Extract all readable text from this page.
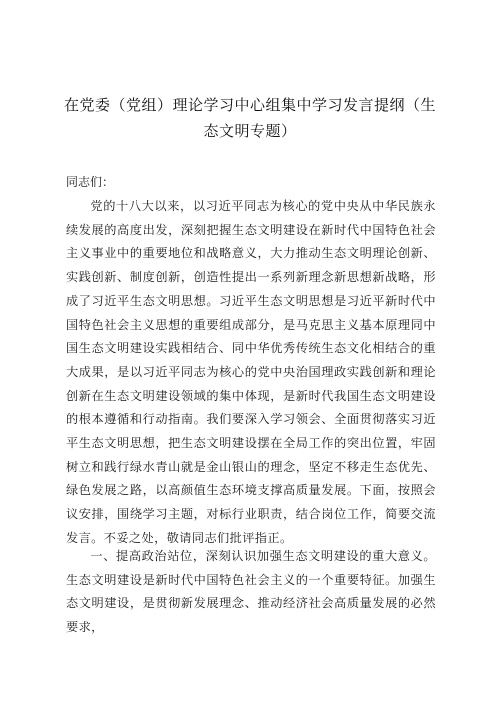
在党委（党组）理论学习中心组集中学习发言提纲（生态文明专题）
同志们：

党的十八大以来，以习近平同志为核心的党中央从中华民族永续发展的高度出发，深刻把握生态文明建设在新时代中国特色社会主义事业中的重要地位和战略意义，大力推动生态文明理论创新、实践创新、制度创新，创造性提出一系列新理念新思想新战略，形成了习近平生态文明思想。习近平生态文明思想是习近平新时代中国特色社会主义思想的重要组成部分，是马克思主义基本原理同中国生态文明建设实践相结合、同中华优秀传统生态文化相结合的重大成果，是以习近平同志为核心的党中央治国理政实践创新和理论创新在生态文明建设领域的集中体现，是新时代我国生态文明建设的根本遵循和行动指南。我们要深入学习领会、全面贯彻落实习近平生态文明思想，把生态文明建设摆在全局工作的突出位置，牢固树立和践行绿水青山就是金山银山的理念，坚定不移走生态优先、绿色发展之路，以高颜值生态环境支撑高质量发展。下面，按照会议安排，围绕学习主题，对标行业职责，结合岗位工作，简要交流发言。不妥之处，敬请同志们批评指正。

一、提高政治站位，深刻认识加强生态文明建设的重大意义。生态文明建设是新时代中国特色社会主义的一个重要特征。加强生态文明建设，是贯彻新发展理念、推动经济社会高质量发展的必然要求，
